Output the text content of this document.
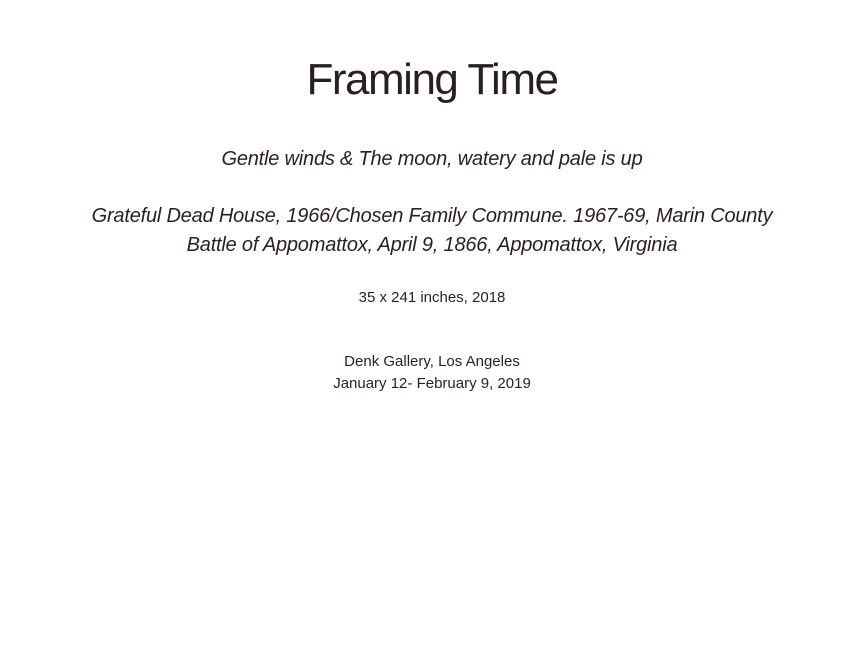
Framing Time
Gentle winds & The moon, watery and pale is up
Grateful Dead House, 1966/Chosen Family Commune. 1967-69, Marin County
Battle of Appomattox, April 9, 1866, Appomattox, Virginia
35 x 241 inches, 2018
Denk Gallery, Los Angeles
January 12- February 9, 2019
